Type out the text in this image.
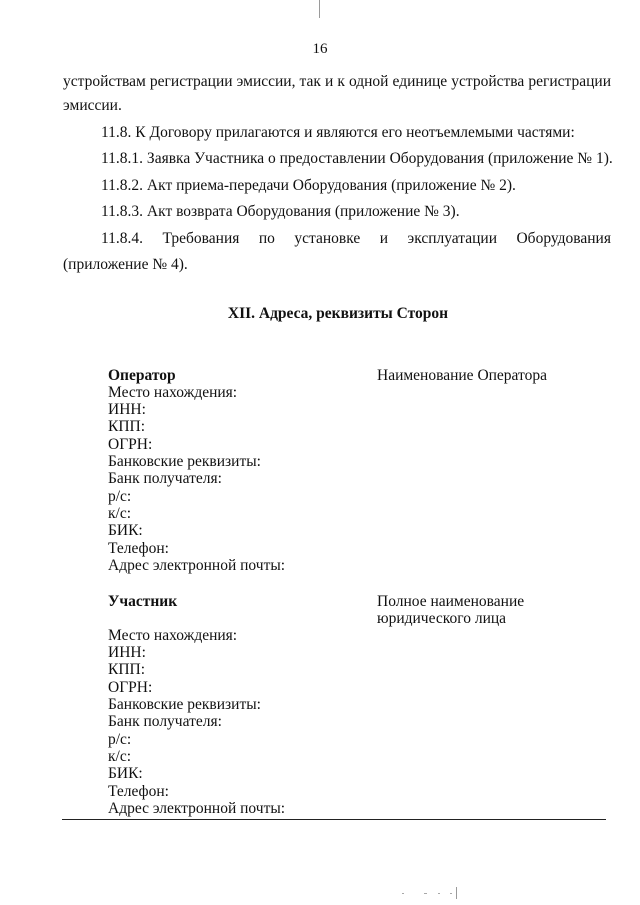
16
устройствам регистрации эмиссии, так и к одной единице устройства регистрации
эмиссии.
11.8. К Договору прилагаются и являются его неотъемлемыми частями:
11.8.1. Заявка Участника о предоставлении Оборудования (приложение № 1).
11.8.2. Акт приема-передачи Оборудования (приложение № 2).
11.8.3. Акт возврата Оборудования (приложение № 3).
11.8.4. Требования по установке и эксплуатации Оборудования
(приложение № 4).
XII. Адреса, реквизиты Сторон
Оператор	Наименование Оператора
Место нахождения:
ИНН:
КПП:
ОГРН:
Банковские реквизиты:
Банк получателя:
р/с:
к/с:
БИК:
Телефон:
Адрес электронной почты:
Участник	Полное наименование
юридического лица
Место нахождения:
ИНН:
КПП:
ОГРН:
Банковские реквизиты:
Банк получателя:
р/с:
к/с:
БИК:
Телефон:
Адрес электронной почты:
